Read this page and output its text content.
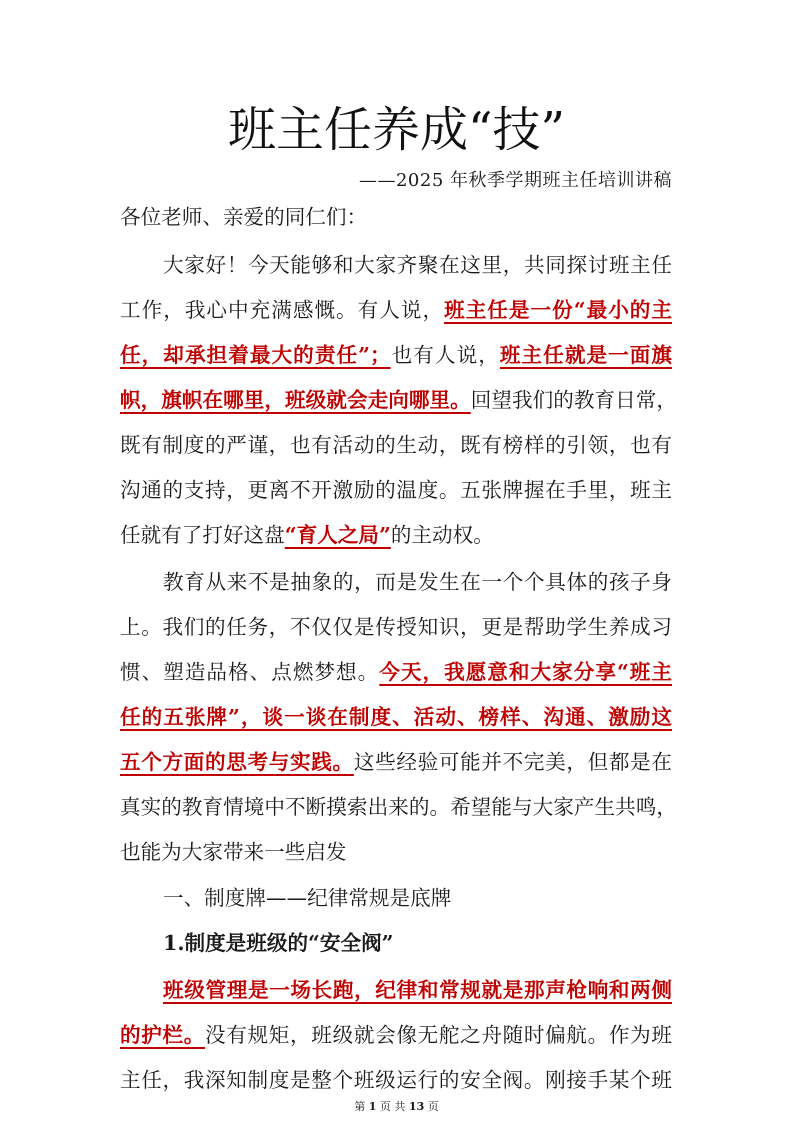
班主任养成“技”
——2025 年秋季学期班主任培训讲稿
各位老师、亲爱的同仁们：
大家好！今天能够和大家齐聚在这里，共同探讨班主任
工作，我心中充满感慨。有人说，班主任是一份“最小的主
任，却承担着最大的责任”；也有人说，班主任就是一面旗
帜，旗帜在哪里，班级就会走向哪里。回望我们的教育日常，
既有制度的严谨，也有活动的生动，既有榜样的引领，也有
沟通的支持，更离不开激励的温度。五张牌握在手里，班主
任就有了打好这盘“育人之局”的主动权。
教育从来不是抽象的，而是发生在一个个具体的孩子身
上。我们的任务，不仅仅是传授知识，更是帮助学生养成习
惯、塑造品格、点燃梦想。今天，我愿意和大家分享“班主
任的五张牌”，谈一谈在制度、活动、榜样、沟通、激励这
五个方面的思考与实践。这些经验可能并不完美，但都是在
真实的教育情境中不断摸索出来的。希望能与大家产生共鸣，
也能为大家带来一些启发
一、制度牌——纪律常规是底牌
1.制度是班级的“安全阀”
班级管理是一场长跑，纪律和常规就是那声枪响和两侧
的护栏。没有规矩，班级就会像无舵之舟随时偏航。作为班
主任，我深知制度是整个班级运行的安全阀。刚接手某个班
第 1 页 共 13 页
